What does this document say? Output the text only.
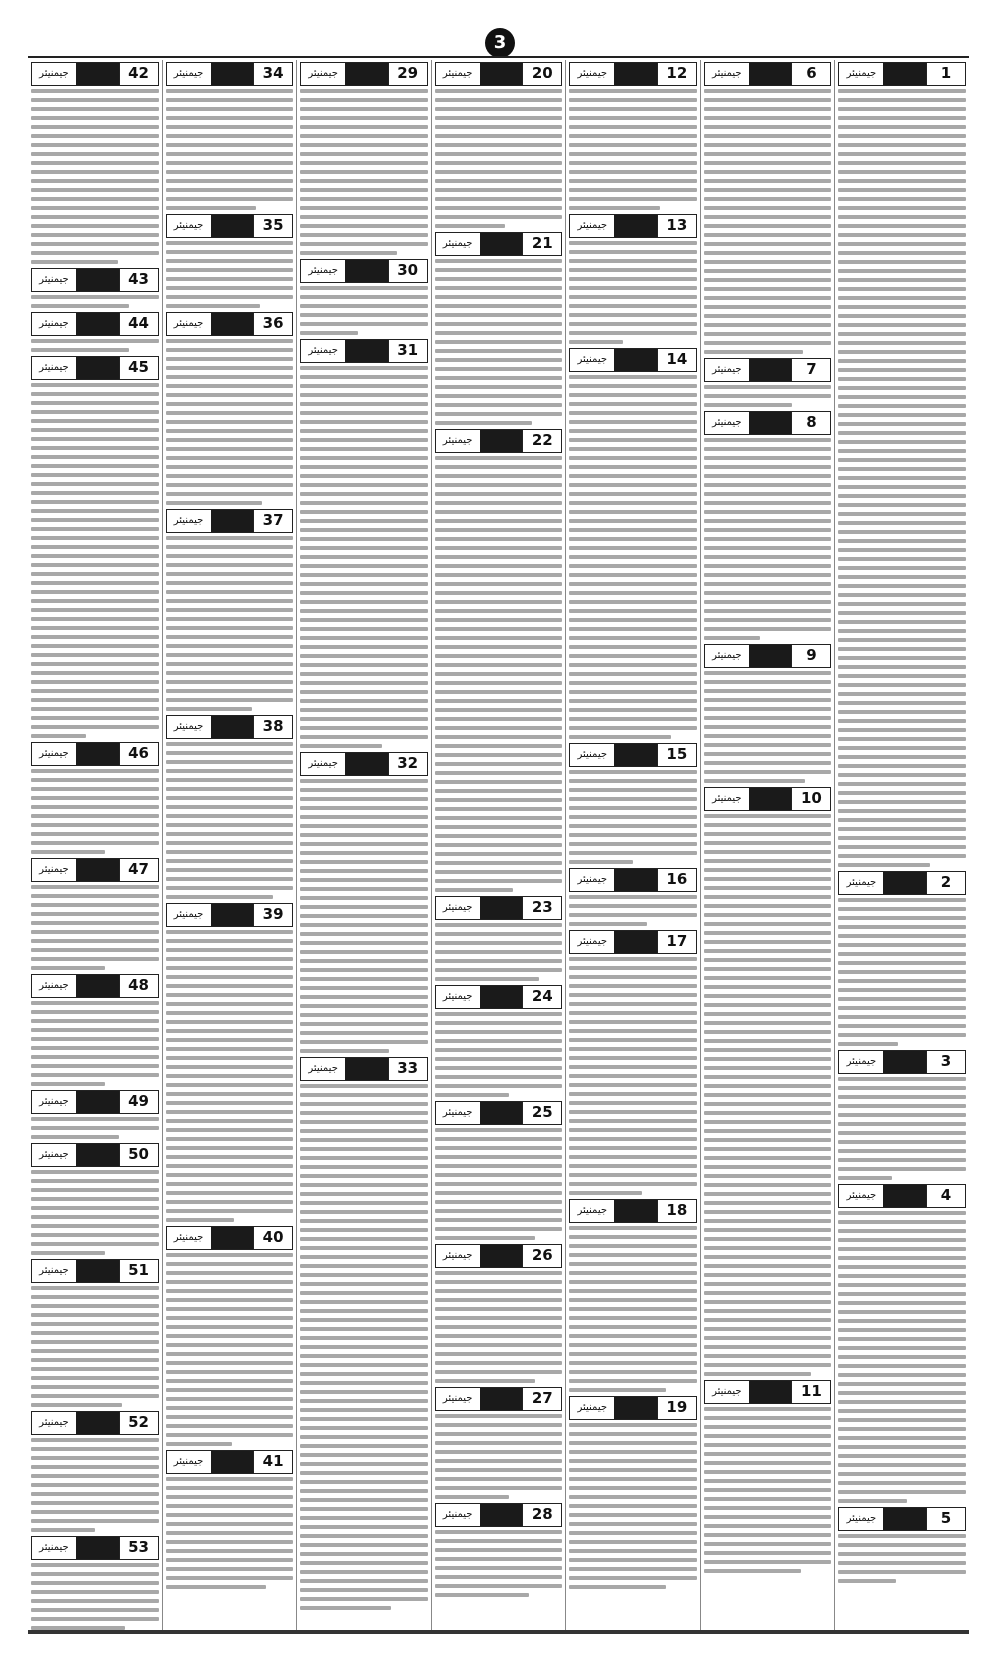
3
1
جیمنیئر
2
جیمنیئر
3
جیمنیئر
4
جیمنیئر
5
جیمنیئر
6
جیمنیئر
7
جیمنیئر
8
جیمنیئر
9
جیمنیئر
10
جیمنیئر
11
جیمنیئر
12
جیمنیئر
13
جیمنیئر
14
جیمنیئر
15
جیمنیئر
16
جیمنیئر
17
جیمنیئر
18
جیمنیئر
19
جیمنیئر
20
جیمنیئر
21
جیمنیئر
22
جیمنیئر
23
جیمنیئر
24
جیمنیئر
25
جیمنیئر
26
جیمنیئر
27
جیمنیئر
28
جیمنیئر
29
جیمنیئر
30
جیمنیئر
31
جیمنیئر
32
جیمنیئر
33
جیمنیئر
34
جیمنیئر
35
جیمنیئر
36
جیمنیئر
37
جیمنیئر
38
جیمنیئر
39
جیمنیئر
40
جیمنیئر
41
جیمنیئر
42
جیمنیئر
43
جیمنیئر
44
جیمنیئر
45
جیمنیئر
46
جیمنیئر
47
جیمنیئر
48
جیمنیئر
49
جیمنیئر
50
جیمنیئر
51
جیمنیئر
52
جیمنیئر
53
جیمنیئر
